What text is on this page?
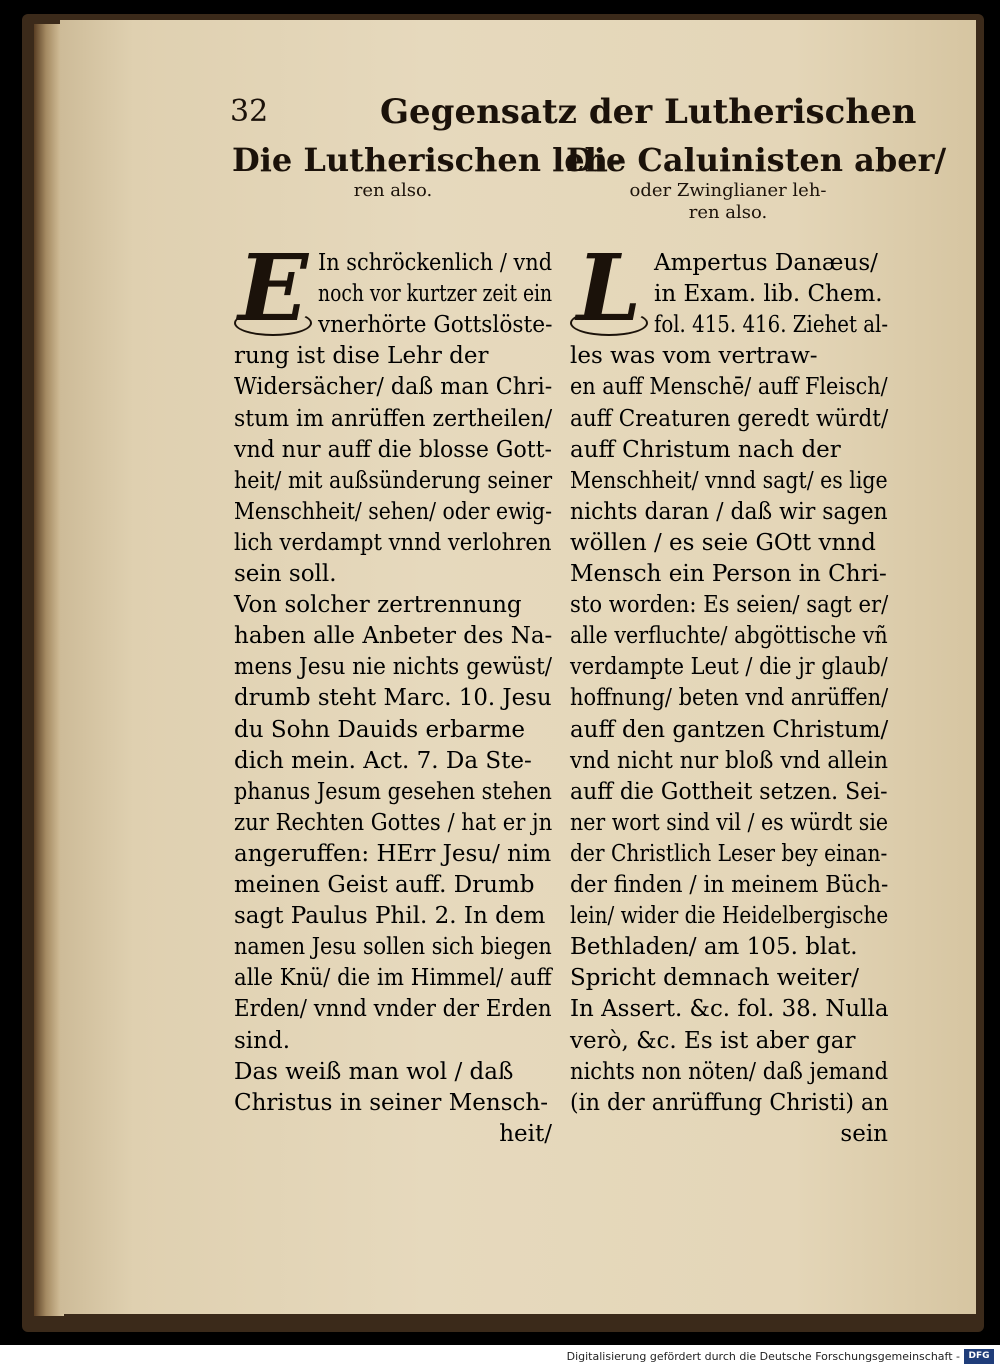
32	Gegensatz der Lutherischen
Die Lutherischen leh-
ren also.
E
Die Caluinisten aber/
oder Zwinglianer leh-
ren also.
L
In schröckenlich / vnd
noch vor kurtzer zeit ein
vnerhörte Gottslöste-
rung ist dise Lehr der
Widersächer/ daß man Chri-
stum im anrüffen zertheilen/
vnd nur auff die blosse Gott-
heit/ mit außsünderung seiner
Menschheit/ sehen/ oder ewig-
lich verdampt vnnd verlohren
sein soll.
Von solcher zertrennung
haben alle Anbeter des Na-
mens Jesu nie nichts gewüst/
drumb steht Marc. 10. Jesu
du Sohn Dauids erbarme
dich mein. Act. 7. Da Ste-
phanus Jesum gesehen stehen
zur Rechten Gottes / hat er jn
angeruffen: HErr Jesu/ nim
meinen Geist auff. Drumb
sagt Paulus Phil. 2. In dem
namen Jesu sollen sich biegen
alle Knü/ die im Himmel/ auff
Erden/ vnnd vnder der Erden
sind.
Das weiß man wol / daß
Christus in seiner Mensch-
heit/
Ampertus Danæus/
in Exam. lib. Chem.
fol. 415. 416. Ziehet al-
les was vom vertraw-
en auff Menschē/ auff Fleisch/
auff Creaturen geredt würdt/
auff Christum nach der
Menschheit/ vnnd sagt/ es lige
nichts daran / daß wir sagen
wöllen / es seie GOtt vnnd
Mensch ein Person in Chri-
sto worden: Es seien/ sagt er/
alle verfluchte/ abgöttische vñ
verdampte Leut / die jr glaub/
hoffnung/ beten vnd anrüffen/
auff den gantzen Christum/
vnd nicht nur bloß vnd allein
auff die Gottheit setzen. Sei-
ner wort sind vil / es würdt sie
der Christlich Leser bey einan-
der finden / in meinem Büch-
lein/ wider die Heidelbergische
Bethladen/ am 105. blat.
Spricht demnach weiter/
In Assert. &c. fol. 38. Nulla
verò, &c. Es ist aber gar
nichts non nöten/ daß jemand
(in der anrüffung Christi) an
sein
Digitalisierung gefördert durch die Deutsche Forschungsgemeinschaft - DFG
